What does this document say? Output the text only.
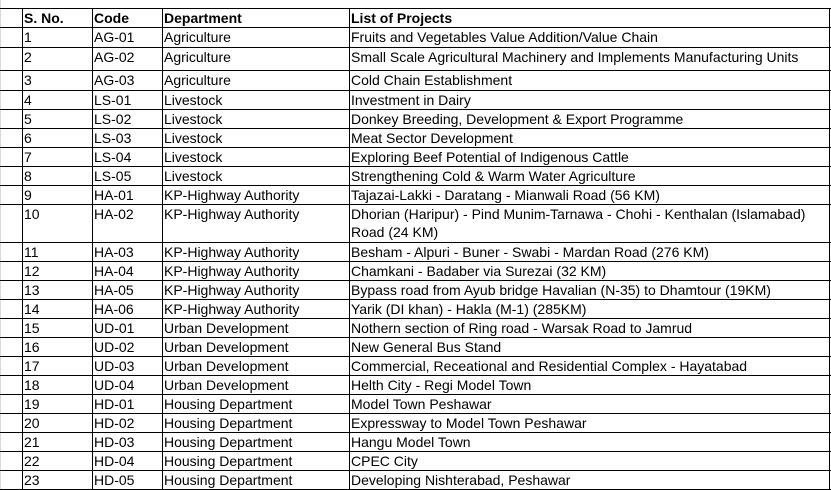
S. No.	Code	Department	List of Projects
1	AG-01	Agriculture	Fruits and Vegetables Value Addition/Value Chain
2	AG-02	Agriculture	Small Scale Agricultural Machinery and Implements Manufacturing Units
3	AG-03	Agriculture	Cold Chain Establishment
4	LS-01	Livestock	Investment in Dairy
5	LS-02	Livestock	Donkey Breeding, Development & Export Programme
6	LS-03	Livestock	Meat Sector Development
7	LS-04	Livestock	Exploring Beef Potential of Indigenous Cattle
8	LS-05	Livestock	Strengthening Cold & Warm Water Agriculture
9	HA-01	KP-Highway Authority	Tajazai-Lakki - Daratang - Mianwali Road (56 KM)
10	HA-02	KP-Highway Authority	Dhorian (Haripur) - Pind Munim-Tarnawa - Chohi - Kenthalan (Islamabad) Road (24 KM)
11	HA-03	KP-Highway Authority	Besham - Alpuri - Buner - Swabi - Mardan Road (276 KM)
12	HA-04	KP-Highway Authority	Chamkani - Badaber via Surezai (32 KM)
13	HA-05	KP-Highway Authority	Bypass road from Ayub bridge Havalian (N-35) to Dhamtour (19KM)
14	HA-06	KP-Highway Authority	Yarik (DI khan) - Hakla (M-1) (285KM)
15	UD-01	Urban Development	Nothern section of Ring road - Warsak Road to Jamrud
16	UD-02	Urban Development	New General Bus Stand
17	UD-03	Urban Development	Commercial, Receational and Residential Complex - Hayatabad
18	UD-04	Urban Development	Helth City - Regi Model Town
19	HD-01	Housing Department	Model Town Peshawar
20	HD-02	Housing Department	Expressway to Model Town Peshawar
21	HD-03	Housing Department	Hangu Model Town
22	HD-04	Housing Department	CPEC City
23	HD-05	Housing Department	Developing Nishterabad, Peshawar
